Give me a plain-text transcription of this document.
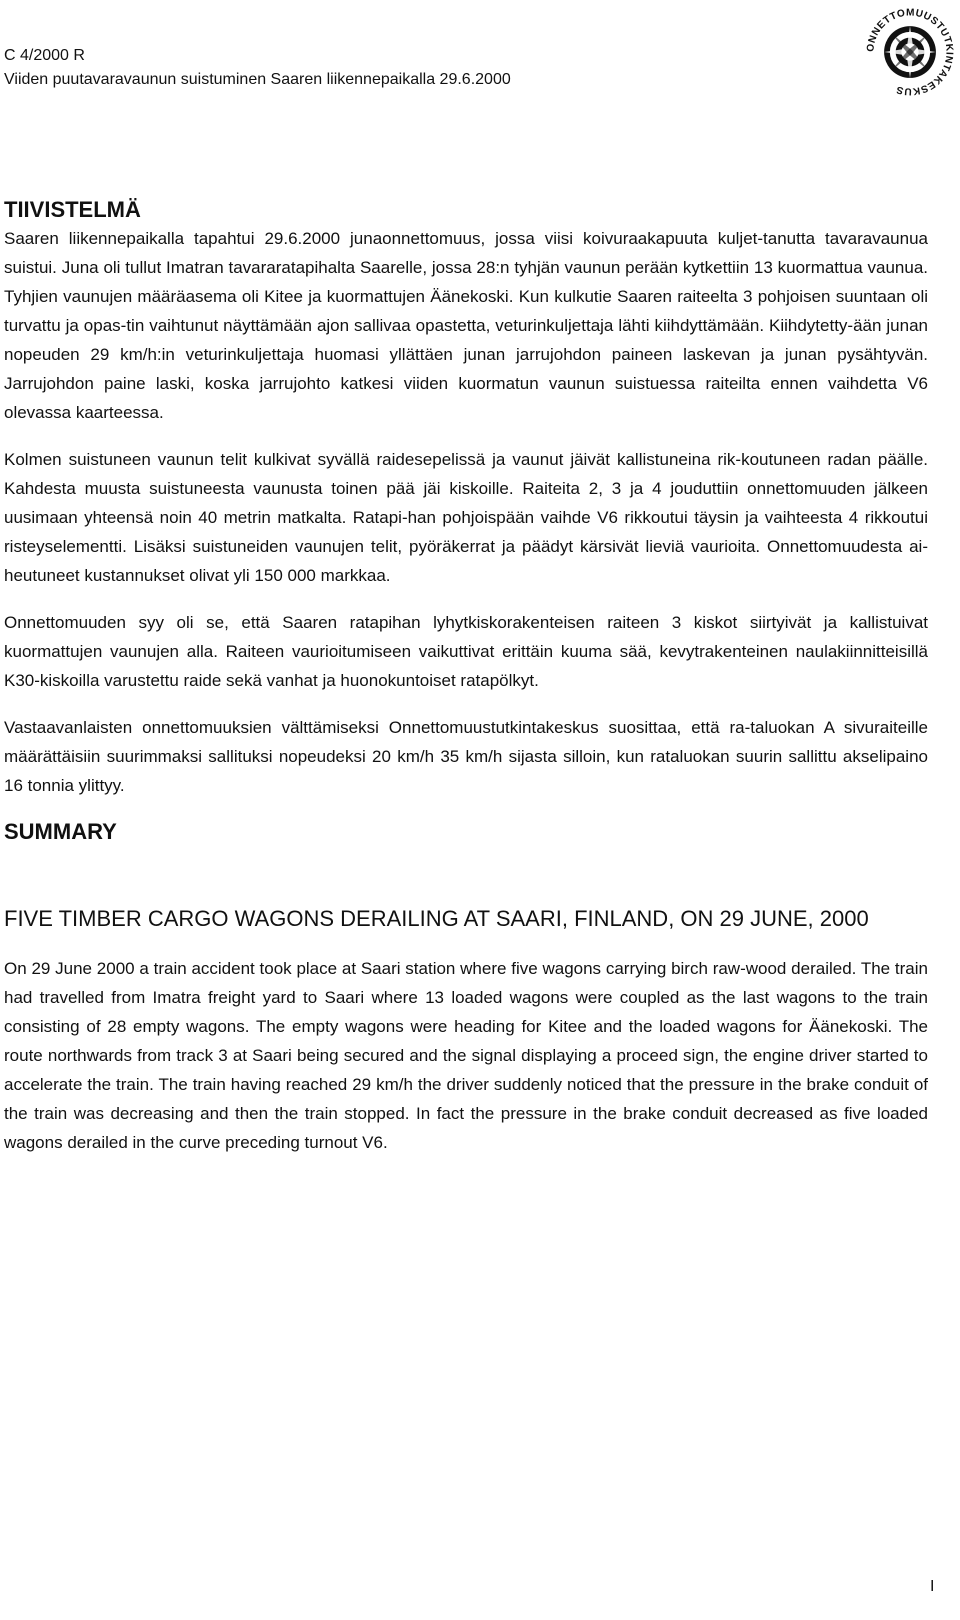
C 4/2000 R
Viiden puutavaravaunun suistuminen Saaren liikennepaikalla 29.6.2000
ONNETTOMUUSTUTKINTAKESKUS
TIIVISTELMÄ

Saaren liikennepaikalla tapahtui 29.6.2000 junaonnettomuus, jossa viisi koivuraakapuuta kuljet-tanutta tavaravaunua suistui. Juna oli tullut Imatran tavararatapihalta Saarelle, jossa 28:n tyhjän vaunun perään kytkettiin 13 kuormattua vaunua. Tyhjien vaunujen määräasema oli Kitee ja kuormattujen Äänekoski. Kun kulkutie Saaren raiteelta 3 pohjoisen suuntaan oli turvattu ja opas-tin vaihtunut näyttämään ajon sallivaa opastetta, veturinkuljettaja lähti kiihdyttämään. Kiihdytetty-ään junan nopeuden 29 km/h:in veturinkuljettaja huomasi yllättäen junan jarrujohdon paineen laskevan ja junan pysähtyvän. Jarrujohdon paine laski, koska jarrujohto katkesi viiden kuormatun vaunun suistuessa raiteilta ennen vaihdetta V6 olevassa kaarteessa.

Kolmen suistuneen vaunun telit kulkivat syvällä raidesepelissä ja vaunut jäivät kallistuneina rik-koutuneen radan päälle. Kahdesta muusta suistuneesta vaunusta toinen pää jäi kiskoille. Raiteita 2, 3 ja 4 jouduttiin onnettomuuden jälkeen uusimaan yhteensä noin 40 metrin matkalta. Ratapi-han pohjoispään vaihde V6 rikkoutui täysin ja vaihteesta 4 rikkoutui risteyselementti. Lisäksi suistuneiden vaunujen telit, pyöräkerrat ja päädyt kärsivät lieviä vaurioita. Onnettomuudesta ai-heutuneet kustannukset olivat yli 150 000 markkaa.

Onnettomuuden syy oli se, että Saaren ratapihan lyhytkiskorakenteisen raiteen 3 kiskot siirtyivät ja kallistuivat kuormattujen vaunujen alla. Raiteen vaurioitumiseen vaikuttivat erittäin kuuma sää, kevytrakenteinen naulakiinnitteisillä K30-kiskoilla varustettu raide sekä vanhat ja huonokuntoiset ratapölkyt.

Vastaavanlaisten onnettomuuksien välttämiseksi Onnettomuustutkintakeskus suosittaa, että ra-taluokan A sivuraiteille määrättäisiin suurimmaksi sallituksi nopeudeksi 20 km/h 35 km/h sijasta silloin, kun rataluokan suurin sallittu akselipaino 16 tonnia ylittyy.

SUMMARY
FIVE TIMBER CARGO WAGONS DERAILING AT SAARI, FINLAND, ON 29 JUNE, 2000

On 29 June 2000 a train accident took place at Saari station where five wagons carrying birch raw-wood derailed. The train had travelled from Imatra freight yard to Saari where 13 loaded wagons were coupled as the last wagons to the train consisting of 28 empty wagons. The empty wagons were heading for Kitee and the loaded wagons for Äänekoski. The route northwards from track 3 at Saari being secured and the signal displaying a proceed sign, the engine driver started to accelerate the train. The train having reached 29 km/h the driver suddenly noticed that the pressure in the brake conduit of the train was decreasing and then the train stopped. In fact the pressure in the brake conduit decreased as five loaded wagons derailed in the curve preceding turnout V6.

I
